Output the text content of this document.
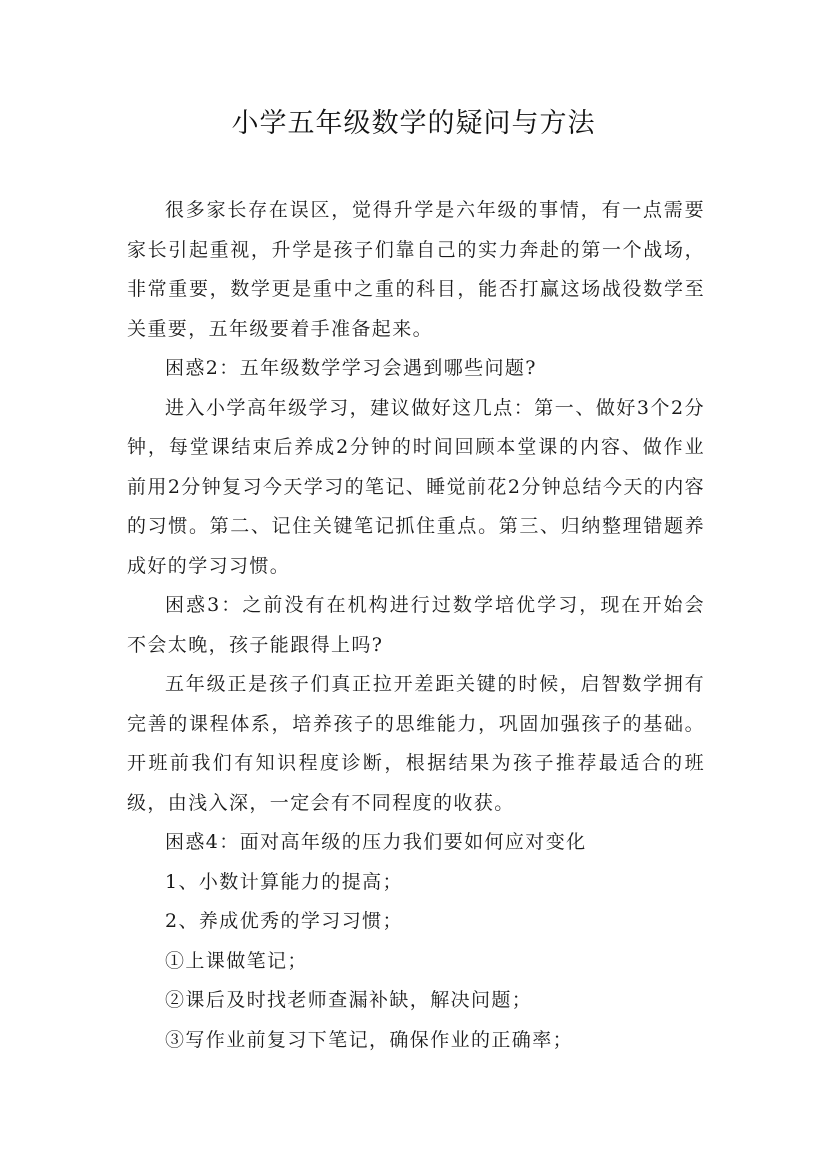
小学五年级数学的疑问与方法

很多家长存在误区，觉得升学是六年级的事情，有一点需要家长引起重视，升学是孩子们靠自己的实力奔赴的第一个战场，非常重要，数学更是重中之重的科目，能否打赢这场战役数学至关重要，五年级要着手准备起来。

困惑2：五年级数学学习会遇到哪些问题?

进入小学高年级学习，建议做好这几点：第一、做好3个2分钟，每堂课结束后养成2分钟的时间回顾本堂课的内容、做作业前用2分钟复习今天学习的笔记、睡觉前花2分钟总结今天的内容的习惯。第二、记住关键笔记抓住重点。第三、归纳整理错题养成好的学习习惯。

困惑3：之前没有在机构进行过数学培优学习，现在开始会不会太晚，孩子能跟得上吗?

五年级正是孩子们真正拉开差距关键的时候，启智数学拥有完善的课程体系，培养孩子的思维能力，巩固加强孩子的基础。开班前我们有知识程度诊断，根据结果为孩子推荐最适合的班级，由浅入深，一定会有不同程度的收获。

困惑4：面对高年级的压力我们要如何应对变化

1、小数计算能力的提高；

2、养成优秀的学习习惯；

①上课做笔记；

②课后及时找老师查漏补缺，解决问题；

③写作业前复习下笔记，确保作业的正确率；
